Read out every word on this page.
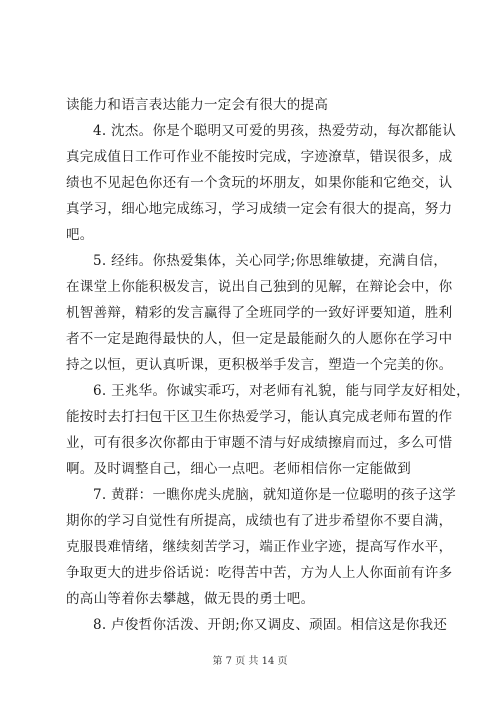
读能力和语言表达能力一定会有很大的提高
4. 沈杰。你是个聪明又可爱的男孩，热爱劳动，每次都能认
真完成值日工作可作业不能按时完成，字迹潦草，错误很多，成
绩也不见起色你还有一个贪玩的坏朋友，如果你能和它绝交，认
真学习，细心地完成练习，学习成绩一定会有很大的提高，努力
吧。
5. 经纬。你热爱集体，关心同学;你思维敏捷，充满自信，
在课堂上你能积极发言，说出自己独到的见解，在辩论会中，你
机智善辩，精彩的发言赢得了全班同学的一致好评要知道，胜利
者不一定是跑得最快的人，但一定是最能耐久的人愿你在学习中
持之以恒，更认真听课，更积极举手发言，塑造一个完美的你。
6. 王兆华。你诚实乖巧，对老师有礼貌，能与同学友好相处，
能按时去打扫包干区卫生你热爱学习，能认真完成老师布置的作
业，可有很多次你都由于审题不清与好成绩擦肩而过，多么可惜
啊。及时调整自己，细心一点吧。老师相信你一定能做到
7. 黄群：一瞧你虎头虎脑，就知道你是一位聪明的孩子这学
期你的学习自觉性有所提高，成绩也有了进步希望你不要自满，
克服畏难情绪，继续刻苦学习，端正作业字迹，提高写作水平，
争取更大的进步俗话说：吃得苦中苦，方为人上人你面前有许多
的高山等着你去攀越，做无畏的勇士吧。
8. 卢俊哲你活泼、开朗;你又调皮、顽固。相信这是你我还
第 7 页 共 14 页
